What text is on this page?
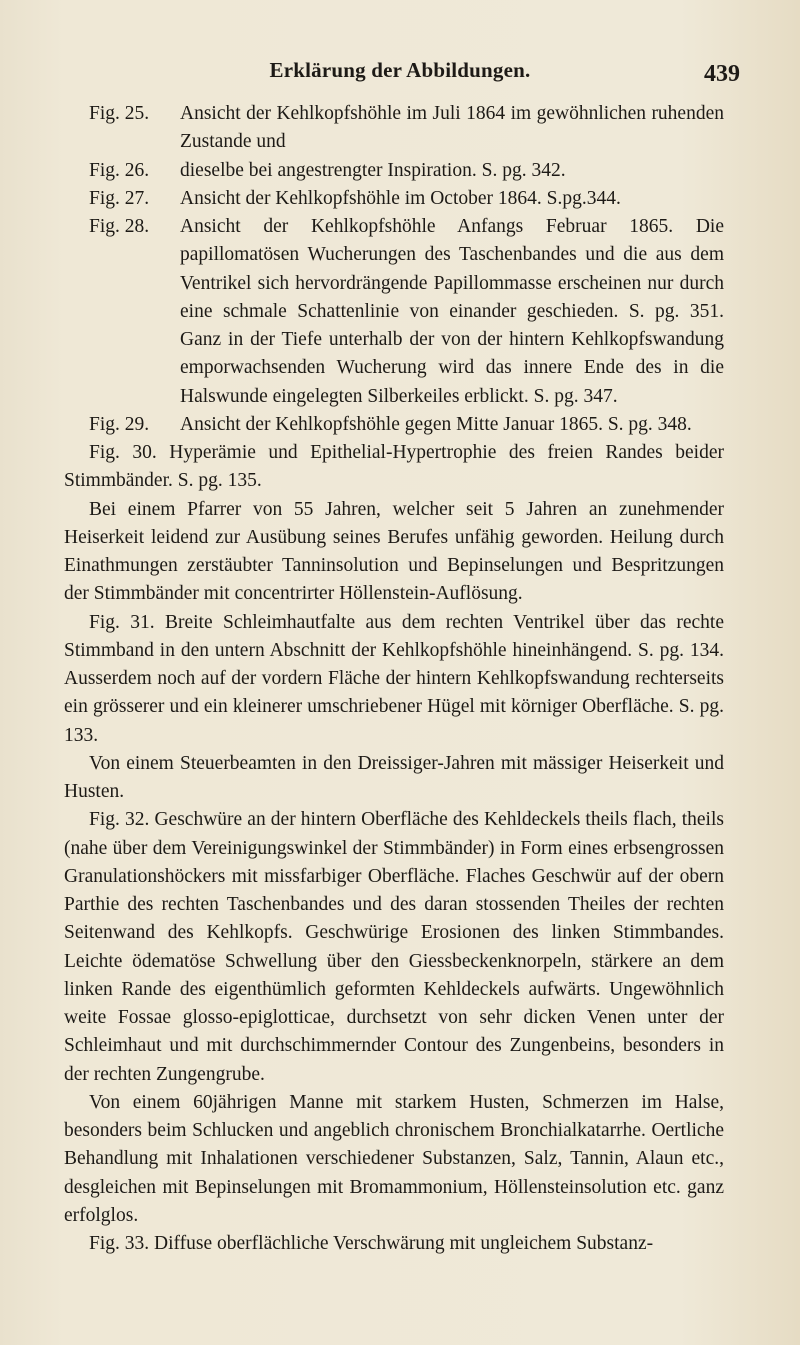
Erklärung der Abbildungen.	439
Fig. 25.	Ansicht der Kehlkopfshöhle im Juli 1864 im gewöhnlichen ruhenden Zustande und
Fig. 26.	dieselbe bei angestrengter Inspiration. S. pg. 342.
Fig. 27.	Ansicht der Kehlkopfshöhle im October 1864. S.pg.344.
Fig. 28.	Ansicht der Kehlkopfshöhle Anfangs Februar 1865. Die papillomatösen Wucherungen des Taschenbandes und die aus dem Ventrikel sich hervordrängende Papillommasse erscheinen nur durch eine schmale Schattenlinie von einander geschieden. S. pg. 351. Ganz in der Tiefe unterhalb der von der hintern Kehlkopfswandung emporwachsenden Wucherung wird das innere Ende des in die Halswunde eingelegten Silberkeiles erblickt. S. pg. 347.
Fig. 29.	Ansicht der Kehlkopfshöhle gegen Mitte Januar 1865. S. pg. 348.

Fig. 30. Hyperämie und Epithelial-Hypertrophie des freien Randes beider Stimmbänder. S. pg. 135.

Bei einem Pfarrer von 55 Jahren, welcher seit 5 Jahren an zunehmender Heiserkeit leidend zur Ausübung seines Berufes unfähig geworden. Heilung durch Einathmungen zerstäubter Tanninsolution und Bepinselungen und Bespritzungen der Stimmbänder mit concentrirter Höllenstein-Auflösung.

Fig. 31. Breite Schleimhautfalte aus dem rechten Ventrikel über das rechte Stimmband in den untern Abschnitt der Kehlkopfshöhle hineinhängend. S. pg. 134. Ausserdem noch auf der vordern Fläche der hintern Kehlkopfswandung rechterseits ein grösserer und ein kleinerer umschriebener Hügel mit körniger Oberfläche. S. pg. 133.

Von einem Steuerbeamten in den Dreissiger-Jahren mit mässiger Heiserkeit und Husten.

Fig. 32. Geschwüre an der hintern Oberfläche des Kehldeckels theils flach, theils (nahe über dem Vereinigungswinkel der Stimmbänder) in Form eines erbsengrossen Granulationshöckers mit missfarbiger Oberfläche. Flaches Geschwür auf der obern Parthie des rechten Taschenbandes und des daran stossenden Theiles der rechten Seitenwand des Kehlkopfs. Geschwürige Erosionen des linken Stimmbandes. Leichte ödematöse Schwellung über den Giessbeckenknorpeln, stärkere an dem linken Rande des eigenthümlich geformten Kehldeckels aufwärts. Ungewöhnlich weite Fossae glosso-epiglotticae, durchsetzt von sehr dicken Venen unter der Schleimhaut und mit durchschimmernder Contour des Zungenbeins, besonders in der rechten Zungengrube.

Von einem 60jährigen Manne mit starkem Husten, Schmerzen im Halse, besonders beim Schlucken und angeblich chronischem Bronchialkatarrhe. Oertliche Behandlung mit Inhalationen verschiedener Substanzen, Salz, Tannin, Alaun etc., desgleichen mit Bepinselungen mit Bromammonium, Höllensteinsolution etc. ganz erfolglos.

Fig. 33. Diffuse oberflächliche Verschwärung mit ungleichem Substanz-
